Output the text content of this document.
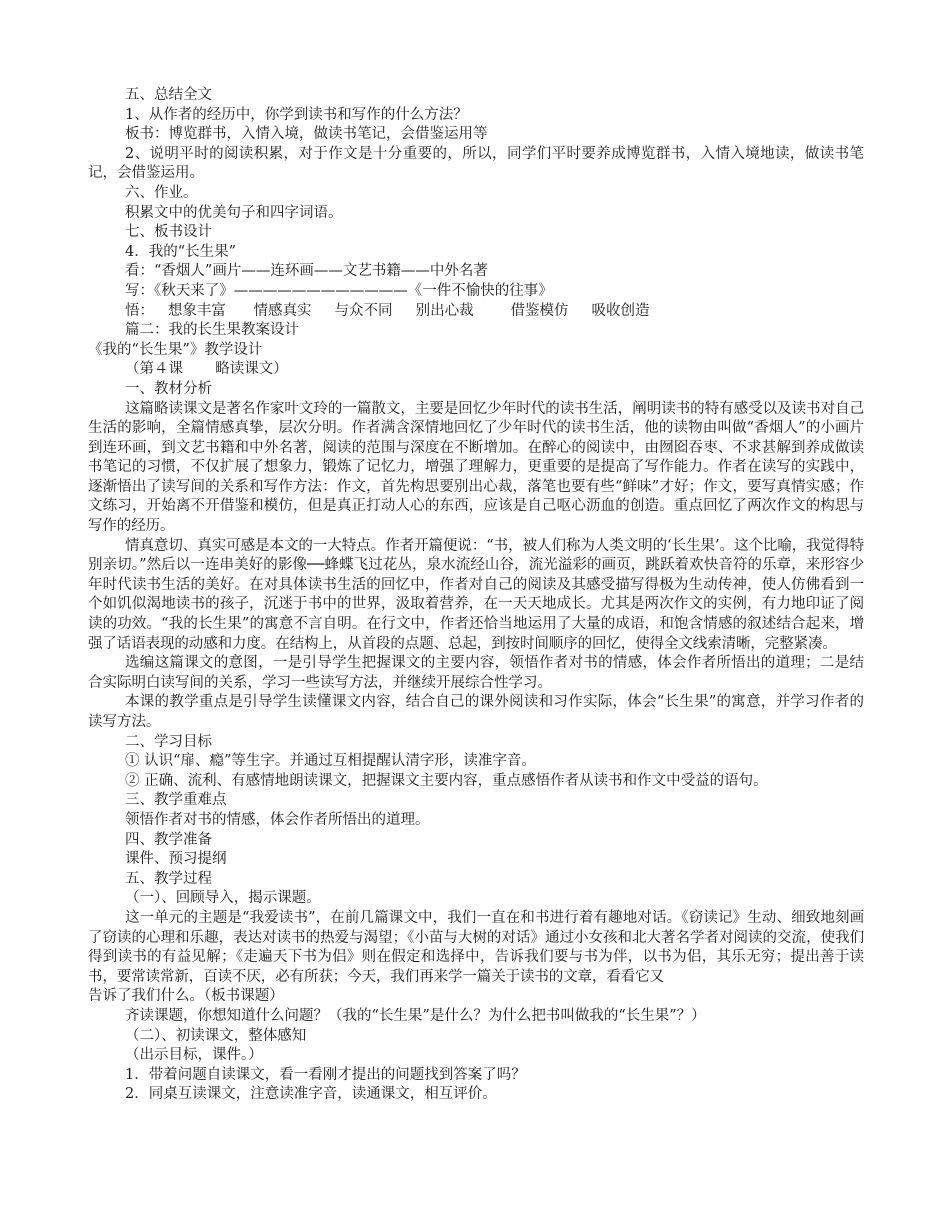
五、总结全文

1、从作者的经历中，你学到读书和写作的什么方法？

板书：博览群书，入情入境，做读书笔记，会借鉴运用等

2、说明平时的阅读积累，对于作文是十分重要的，所以，同学们平时要养成博览群书，入情入境地读，做读书笔记，会借鉴运用。

六、作业。

积累文中的优美句子和四字词语。

七、板书设计

4．我的“长生果”

看：“香烟人”画片——连环画——文艺书籍——中外名著

写：《秋天来了》————————————《一件不愉快的往事》

悟：   想象丰富      情感真实     与众不同     别出心裁        借鉴模仿     吸收创造

篇二：我的长生果教案设计

《我的“长生果”》教学设计

（第４课       略读课文）

一、教材分析

这篇略读课文是著名作家叶文玲的一篇散文，主要是回忆少年时代的读书生活，阐明读书的特有感受以及读书对自己生活的影响，全篇情感真挚，层次分明。作者满含深情地回忆了少年时代的读书生活，他的读物由叫做“香烟人”的小画片到连环画，到文艺书籍和中外名著，阅读的范围与深度在不断增加。在醉心的阅读中，由囫囵吞枣、不求甚解到养成做读书笔记的习惯，不仅扩展了想象力，锻炼了记忆力，增强了理解力，更重要的是提高了写作能力。作者在读写的实践中，逐渐悟出了读写间的关系和写作方法：作文，首先构思要别出心裁，落笔也要有些“鲜味”才好；作文，要写真情实感；作文练习，开始离不开借鉴和模仿，但是真正打动人心的东西，应该是自己呕心沥血的创造。重点回忆了两次作文的构思与写作的经历。

情真意切、真实可感是本文的一大特点。作者开篇便说：“书，被人们称为人类文明的‘长生果’。这个比喻，我觉得特别亲切。”然后以一连串美好的影像──蜂蝶飞过花丛，泉水流经山谷，流光溢彩的画页，跳跃着欢快音符的乐章，来形容少年时代读书生活的美好。在对具体读书生活的回忆中，作者对自己的阅读及其感受描写得极为生动传神，使人仿佛看到一个如饥似渴地读书的孩子，沉迷于书中的世界，汲取着营养，在一天天地成长。尤其是两次作文的实例，有力地印证了阅读的功效。“我的长生果”的寓意不言自明。在行文中，作者还恰当地运用了大量的成语，和饱含情感的叙述结合起来，增强了话语表现的动感和力度。在结构上，从首段的点题、总起，到按时间顺序的回忆，使得全文线索清晰，完整紧凑。

选编这篇课文的意图，一是引导学生把握课文的主要内容，领悟作者对书的情感，体会作者所悟出的道理；二是结合实际明白读写间的关系，学习一些读写方法，并继续开展综合性学习。

本课的教学重点是引导学生读懂课文内容，结合自己的课外阅读和习作实际，体会“长生果”的寓意，并学习作者的读写方法。

二、学习目标

① 认识“扉、瘾”等生字。并通过互相提醒认清字形，读准字音。

② 正确、流利、有感情地朗读课文，把握课文主要内容，重点感悟作者从读书和作文中受益的语句。

三、教学重难点

领悟作者对书的情感，体会作者所悟出的道理。

四、教学准备

课件、预习提纲

五、教学过程

（一）、回顾导入，揭示课题。

这一单元的主题是“我爱读书”，在前几篇课文中，我们一直在和书进行着有趣地对话。《窃读记》生动、细致地刻画了窃读的心理和乐趣，表达对读书的热爱与渴望；《小苗与大树的对话》通过小女孩和北大著名学者对阅读的交流，使我们得到读书的有益见解；《走遍天下书为侣》则在假定和选择中，告诉我们要与书为伴，以书为侣，其乐无穷；提出善于读书，要常读常新，百读不厌，必有所获；今天，我们再来学一篇关于读书的文章，看看它又

告诉了我们什么。（板书课题）

齐读课题，你想知道什么问题？（我的“长生果”是什么？为什么把书叫做我的“长生果”？）

（二）、初读课文，整体感知

（出示目标，课件。）

1．带着问题自读课文，看一看刚才提出的问题找到答案了吗？

2．同桌互读课文，注意读准字音，读通课文，相互评价。
